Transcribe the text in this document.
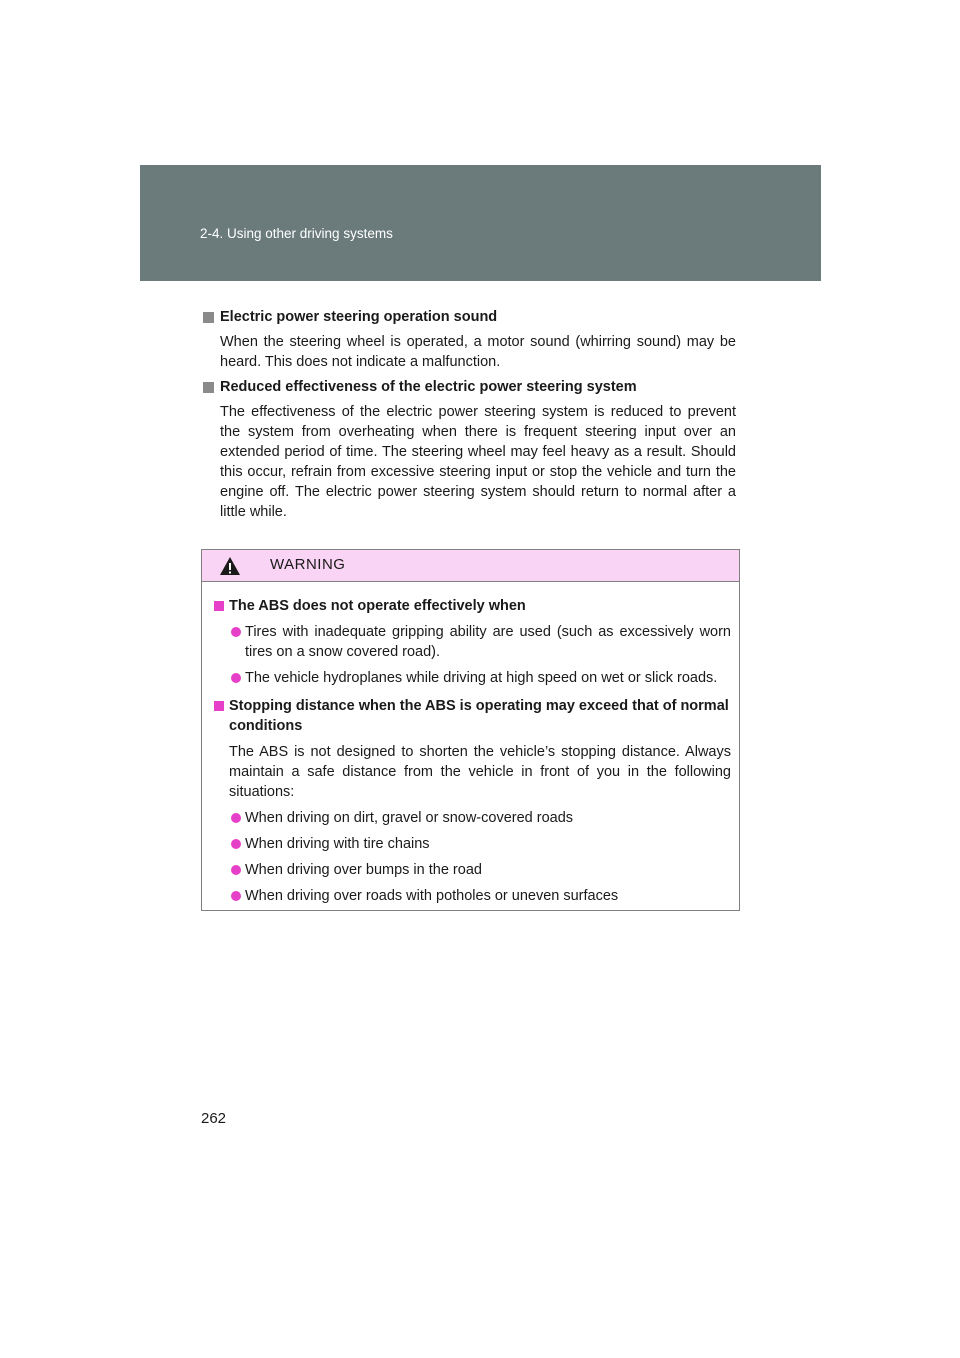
2-4. Using other driving systems
Electric power steering operation sound

When the steering wheel is operated, a motor sound (whirring sound) may be heard. This does not indicate a malfunction.

Reduced effectiveness of the electric power steering system

The effectiveness of the electric power steering system is reduced to prevent the system from overheating when there is frequent steering input over an extended period of time. The steering wheel may feel heavy as a result. Should this occur, refrain from excessive steering input or stop the vehicle and turn the engine off. The electric power steering system should return to normal after a little while.

WARNING
The ABS does not operate effectively when
Tires with inadequate gripping ability are used (such as excessively worn tires on a snow covered road).
The vehicle hydroplanes while driving at high speed on wet or slick roads.
Stopping distance when the ABS is operating may exceed that of normal conditions

The ABS is not designed to shorten the vehicle’s stopping distance. Always maintain a safe distance from the vehicle in front of you in the following situations:

When driving on dirt, gravel or snow-covered roads
When driving with tire chains
When driving over bumps in the road
When driving over roads with potholes or uneven surfaces
262
